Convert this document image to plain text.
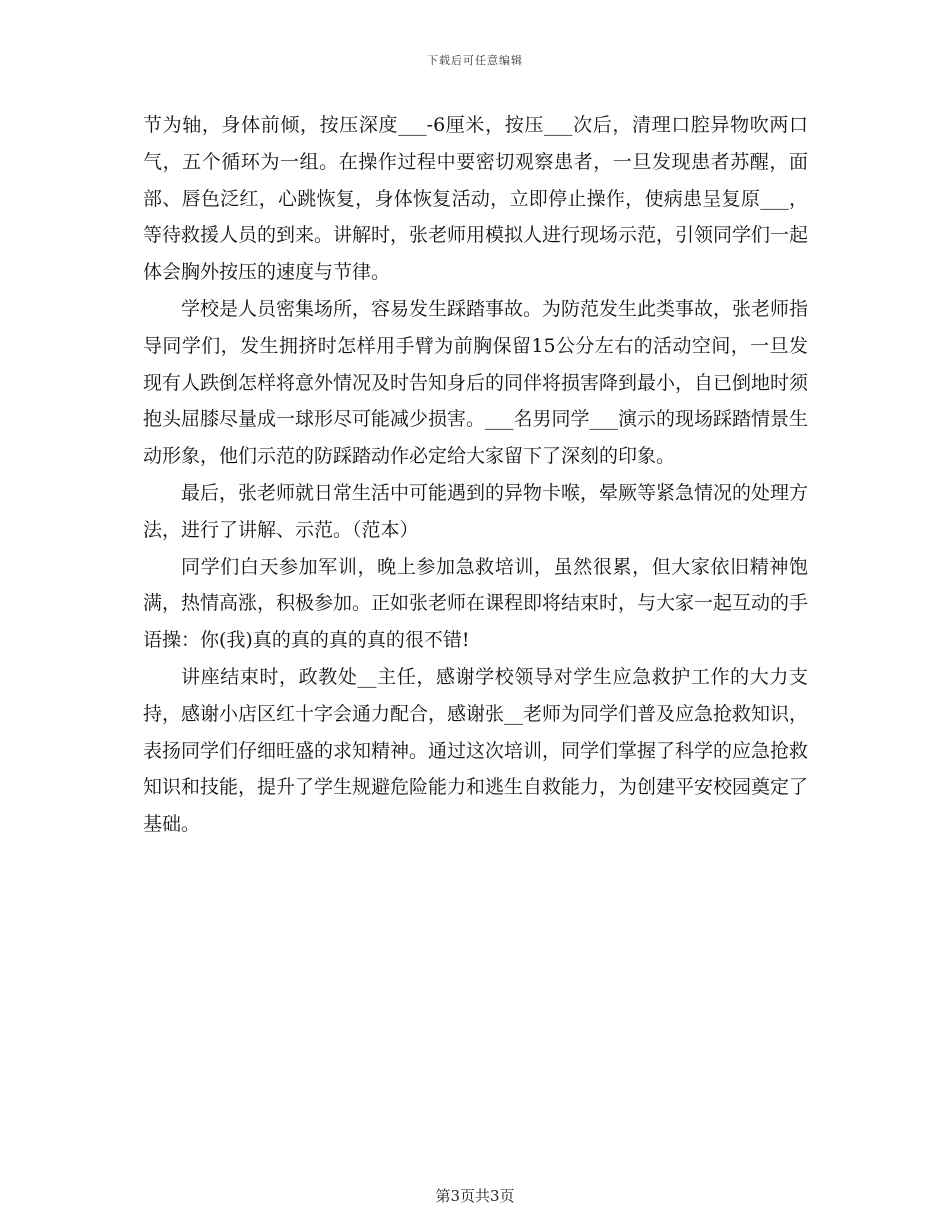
下载后可任意编辑

节为轴，身体前倾，按压深度___-6厘米，按压___次后，清理口腔异物吹两口气，五个循环为一组。在操作过程中要密切观察患者，一旦发现患者苏醒，面部、唇色泛红，心跳恢复，身体恢复活动，立即停止操作，使病患呈复原___，等待救援人员的到来。讲解时，张老师用模拟人进行现场示范，引领同学们一起体会胸外按压的速度与节律。

学校是人员密集场所，容易发生踩踏事故。为防范发生此类事故，张老师指导同学们，发生拥挤时怎样用手臂为前胸保留15公分左右的活动空间，一旦发现有人跌倒怎样将意外情况及时告知身后的同伴将损害降到最小，自已倒地时须抱头屈膝尽量成一球形尽可能减少损害。___名男同学___演示的现场踩踏情景生动形象，他们示范的防踩踏动作必定给大家留下了深刻的印象。

最后，张老师就日常生活中可能遇到的异物卡喉，晕厥等紧急情况的处理方法，进行了讲解、示范。（范本）

同学们白天参加军训，晚上参加急救培训，虽然很累，但大家依旧精神饱满，热情高涨，积极参加。正如张老师在课程即将结束时，与大家一起互动的手语操：你(我)真的真的真的真的很不错!

讲座结束时，政教处__主任，感谢学校领导对学生应急救护工作的大力支持，感谢小店区红十字会通力配合，感谢张__老师为同学们普及应急抢救知识，表扬同学们仔细旺盛的求知精神。通过这次培训，同学们掌握了科学的应急抢救知识和技能，提升了学生规避危险能力和逃生自救能力，为创建平安校园奠定了基础。

第3页共3页
